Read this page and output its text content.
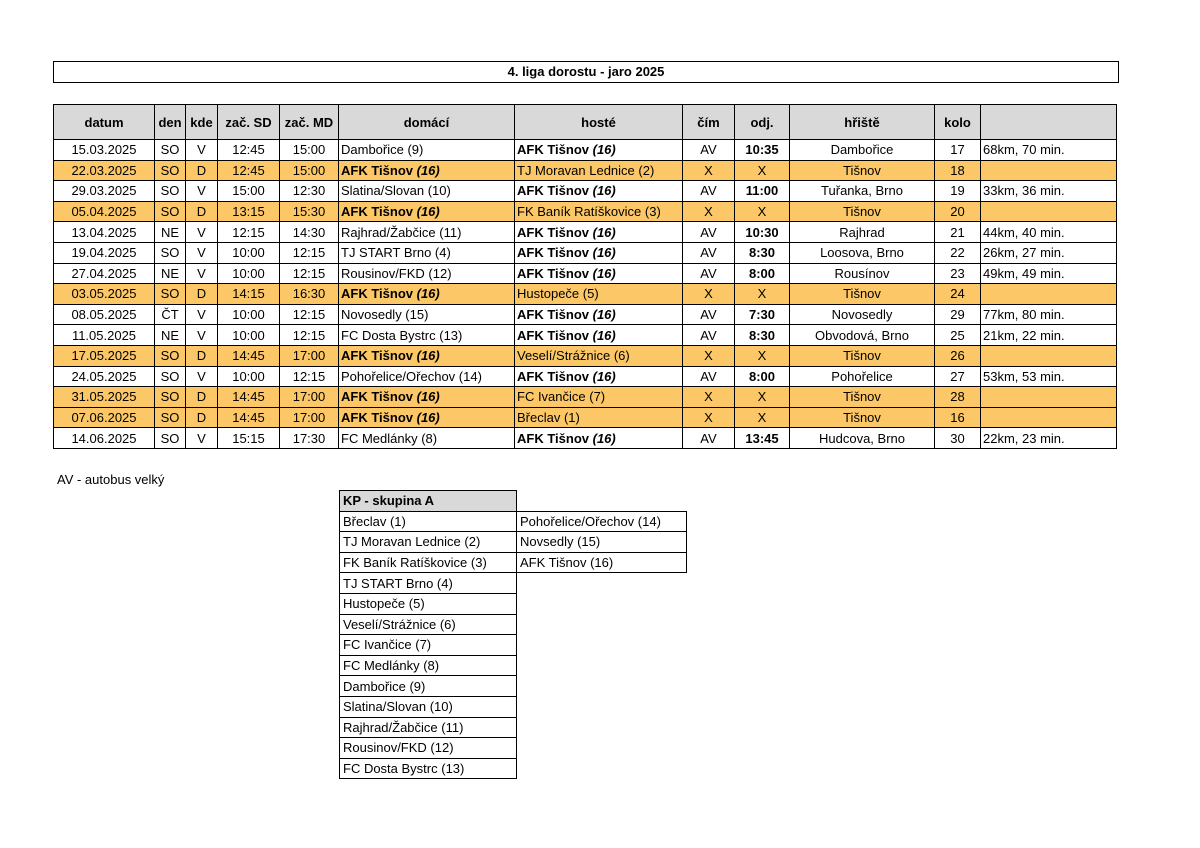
4. liga dorostu - jaro 2025
datum	den	kde	zač. SD	zač. MD	domácí	hosté	čím	odj.	hřiště	kolo	
15.03.2025	SO	V	12:45	15:00	Dambořice (9)	AFK Tišnov (16)	AV	10:35	Dambořice	17	68km, 70 min.
22.03.2025	SO	D	12:45	15:00	AFK Tišnov (16)	TJ Moravan Lednice (2)	X	X	Tišnov	18	
29.03.2025	SO	V	15:00	12:30	Slatina/Slovan (10)	AFK Tišnov (16)	AV	11:00	Tuřanka, Brno	19	33km, 36 min.
05.04.2025	SO	D	13:15	15:30	AFK Tišnov (16)	FK Baník Ratíškovice (3)	X	X	Tišnov	20	
13.04.2025	NE	V	12:15	14:30	Rajhrad/Žabčice (11)	AFK Tišnov (16)	AV	10:30	Rajhrad	21	44km, 40 min.
19.04.2025	SO	V	10:00	12:15	TJ START Brno (4)	AFK Tišnov (16)	AV	8:30	Loosova, Brno	22	26km, 27 min.
27.04.2025	NE	V	10:00	12:15	Rousinov/FKD (12)	AFK Tišnov (16)	AV	8:00	Rousínov	23	49km, 49 min.
03.05.2025	SO	D	14:15	16:30	AFK Tišnov (16)	Hustopeče (5)	X	X	Tišnov	24	
08.05.2025	ČT	V	10:00	12:15	Novosedly (15)	AFK Tišnov (16)	AV	7:30	Novosedly	29	77km, 80 min.
11.05.2025	NE	V	10:00	12:15	FC Dosta Bystrc (13)	AFK Tišnov (16)	AV	8:30	Obvodová, Brno	25	21km, 22 min.
17.05.2025	SO	D	14:45	17:00	AFK Tišnov (16)	Veselí/Strážnice (6)	X	X	Tišnov	26	
24.05.2025	SO	V	10:00	12:15	Pohořelice/Ořechov (14)	AFK Tišnov (16)	AV	8:00	Pohořelice	27	53km, 53 min.
31.05.2025	SO	D	14:45	17:00	AFK Tišnov (16)	FC Ivančice (7)	X	X	Tišnov	28	
07.06.2025	SO	D	14:45	17:00	AFK Tišnov (16)	Břeclav (1)	X	X	Tišnov	16	
14.06.2025	SO	V	15:15	17:30	FC Medlánky (8)	AFK Tišnov (16)	AV	13:45	Hudcova, Brno	30	22km, 23 min.
AV - autobus velký
KP - skupina A	
Břeclav (1)	Pohořelice/Ořechov (14)
TJ Moravan Lednice (2)	Novsedly (15)
FK Baník Ratíškovice (3)	AFK Tišnov (16)
TJ START Brno (4)	
Hustopeče (5)	
Veselí/Strážnice (6)	
FC Ivančice (7)	
FC Medlánky (8)	
Dambořice (9)	
Slatina/Slovan (10)	
Rajhrad/Žabčice (11)	
Rousinov/FKD (12)	
FC Dosta Bystrc (13)	
